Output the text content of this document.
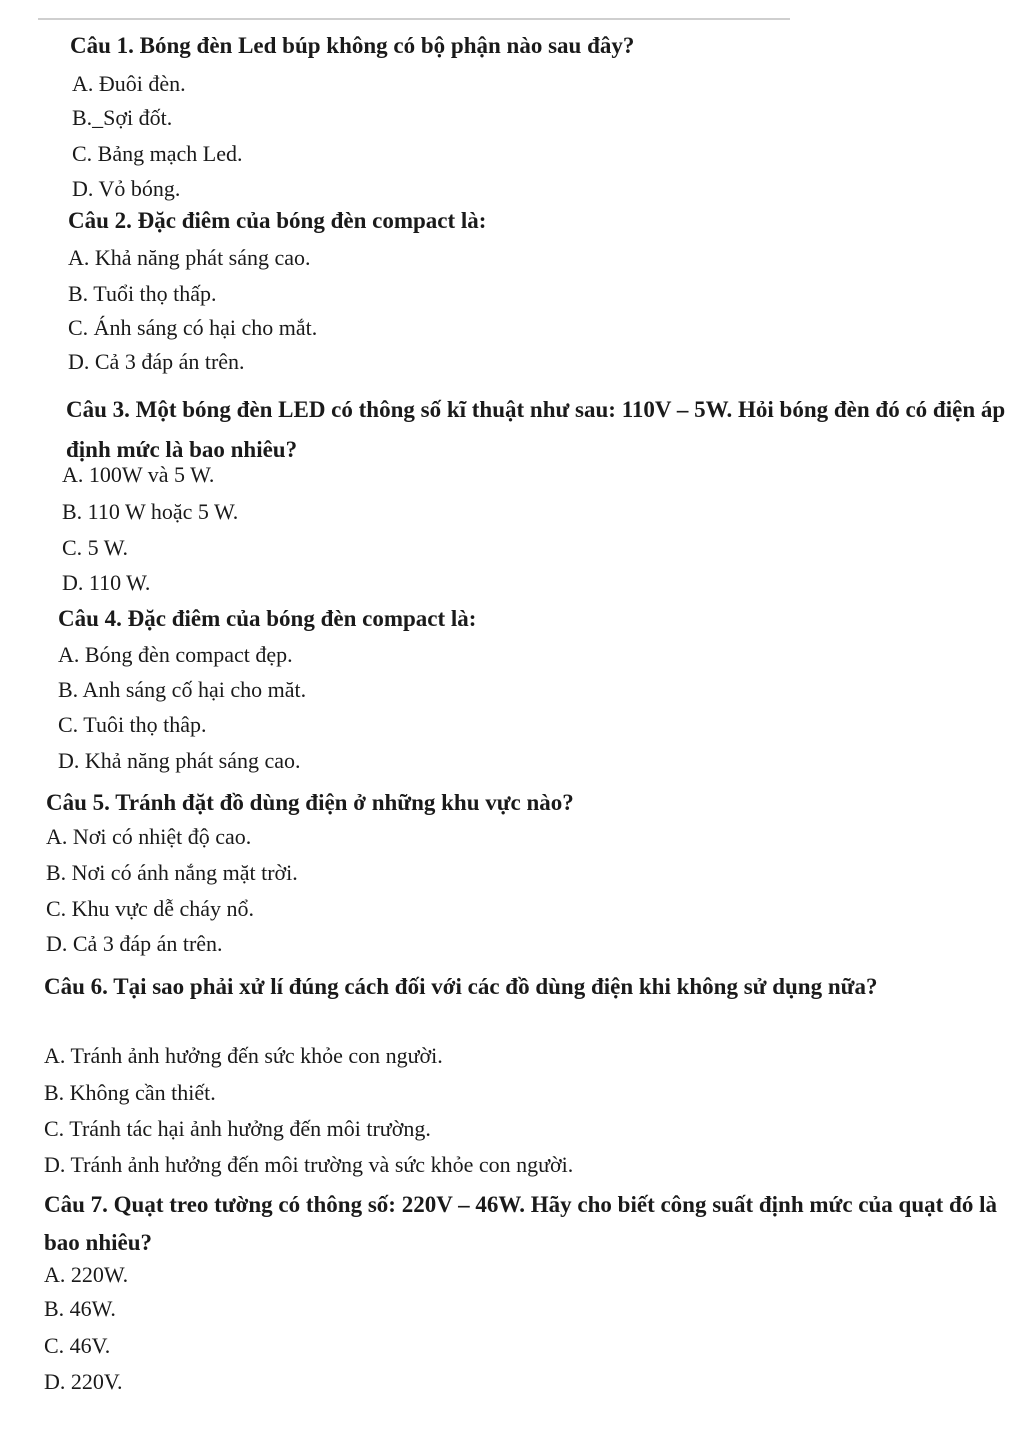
Câu 1. Bóng đèn Led búp không có bộ phận nào sau đây?
A. Đuôi đèn.
B._Sợi đốt.
C. Bảng mạch Led.
D. Vỏ bóng.
Câu 2. Đặc điêm của bóng đèn compact là:
A. Khả năng phát sáng cao.
B. Tuổi thọ thấp.
C. Ánh sáng có hại cho mắt.
D. Cả 3 đáp án trên.
Câu 3. Một bóng đèn LED có thông số kĩ thuật như sau: 110V – 5W. Hỏi bóng đèn đó có điện áp định mức là bao nhiêu?
A. 100W và 5 W.
B. 110 W hoặc 5 W.
C. 5 W.
D. 110 W.
Câu 4. Đặc điêm của bóng đèn compact là:
A. Bóng đèn compact đẹp.
B. Anh sáng cố hại cho măt.
C. Tuôi thọ thâp.
D. Khả năng phát sáng cao.
Câu 5. Tránh đặt đồ dùng điện ở những khu vực nào?
A. Nơi có nhiệt độ cao.
B. Nơi có ánh nắng mặt trời.
C. Khu vực dễ cháy nổ.
D. Cả 3 đáp án trên.
Câu 6. Tại sao phải xử lí đúng cách đối với các đồ dùng điện khi không sử dụng nữa?
A. Tránh ảnh hưởng đến sức khỏe con người.
B. Không cần thiết.
C. Tránh tác hại ảnh hưởng đến môi trường.
D. Tránh ảnh hưởng đến môi trường và sức khỏe con người.
Câu 7. Quạt treo tường có thông số: 220V – 46W. Hãy cho biết công suất định mức của quạt đó là bao nhiêu?
A. 220W.
B. 46W.
C. 46V.
D. 220V.
